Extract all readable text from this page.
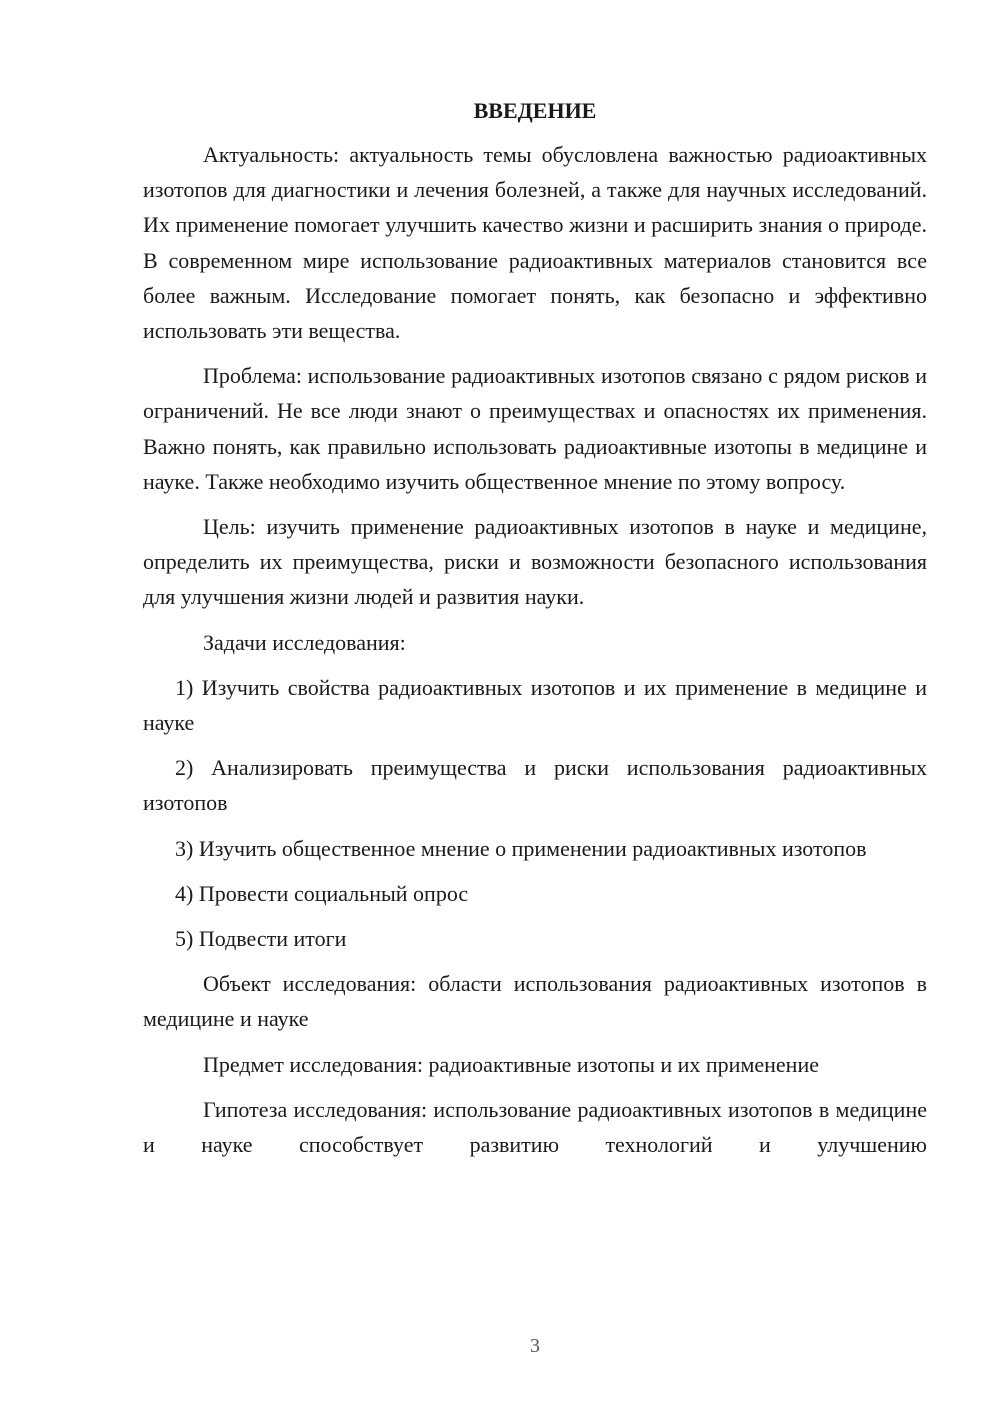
ВВЕДЕНИЕ

Актуальность: актуальность темы обусловлена важностью радиоактивных изотопов для диагностики и лечения болезней, а также для научных исследований. Их применение помогает улучшить качество жизни и расширить знания о природе. В современном мире использование радиоактивных материалов становится все более важным. Исследование помогает понять, как безопасно и эффективно использовать эти вещества.

Проблема: использование радиоактивных изотопов связано с рядом рисков и ограничений. Не все люди знают о преимуществах и опасностях их применения. Важно понять, как правильно использовать радиоактивные изотопы в медицине и науке. Также необходимо изучить общественное мнение по этому вопросу.

Цель: изучить применение радиоактивных изотопов в науке и медицине, определить их преимущества, риски и возможности безопасного использования для улучшения жизни людей и развития науки.

Задачи исследования:

1) Изучить свойства радиоактивных изотопов и их применение в медицине и науке

2) Анализировать преимущества и риски использования радиоактивных изотопов

3) Изучить общественное мнение о применении радиоактивных изотопов

4) Провести социальный опрос

5) Подвести итоги

Объект исследования: области использования радиоактивных изотопов в медицине и науке

Предмет исследования: радиоактивные изотопы и их применение

Гипотеза исследования: использование радиоактивных изотопов в медицине и науке способствует развитию технологий и улучшению

3
